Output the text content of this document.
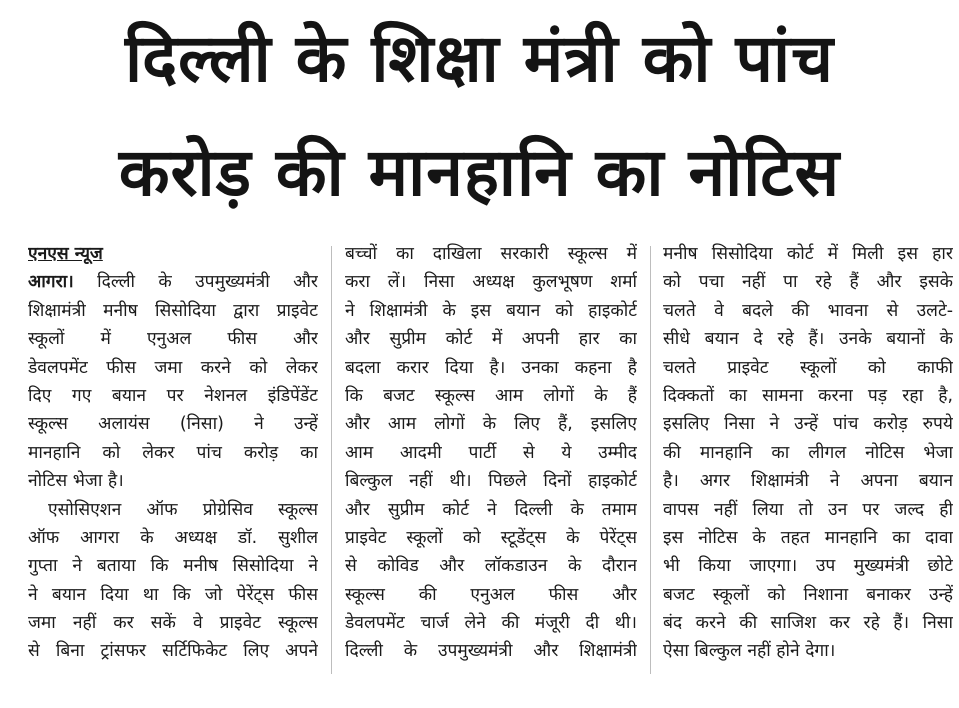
दिल्ली के शिक्षा मंत्री को पांच
करोड़ की मानहानि का नोटिस
एनएस न्यूज
आगरा। दिल्ली के उपमुख्यमंत्री और
शिक्षामंत्री मनीष सिसोदिया द्वारा प्राइवेट
स्कूलों में एनुअल फीस और
डेवलपमेंट फीस जमा करने को लेकर
दिए गए बयान पर नेशनल इंडिपेंडेंट
स्कूल्स अलायंस (निसा) ने उन्हें
मानहानि को लेकर पांच करोड़ का
नोटिस भेजा है।
एसोसिएशन ऑफ प्रोग्रेसिव स्कूल्स
ऑफ आगरा के अध्यक्ष डॉ. सुशील
गुप्ता ने बताया कि मनीष सिसोदिया ने
ने बयान दिया था कि जो पेरेंट्स फीस
जमा नहीं कर सकें वे प्राइवेट स्कूल्स
से बिना ट्रांसफर सर्टिफिकेट लिए अपने
बच्चों का दाखिला सरकारी स्कूल्स में
करा लें। निसा अध्यक्ष कुलभूषण शर्मा
ने शिक्षामंत्री के इस बयान को हाइकोर्ट
और सुप्रीम कोर्ट में अपनी हार का
बदला करार दिया है। उनका कहना है
कि बजट स्कूल्स आम लोगों के हैं
और आम लोगों के लिए हैं, इसलिए
आम आदमी पार्टी से ये उम्मीद
बिल्कुल नहीं थी। पिछले दिनों हाइकोर्ट
और सुप्रीम कोर्ट ने दिल्ली के तमाम
प्राइवेट स्कूलों को स्टूडेंट्स के पेरेंट्स
से कोविड और लॉकडाउन के दौरान
स्कूल्स की एनुअल फीस और
डेवलपमेंट चार्ज लेने की मंजूरी दी थी।
दिल्ली के उपमुख्यमंत्री और शिक्षामंत्री
मनीष सिसोदिया कोर्ट में मिली इस हार
को पचा नहीं पा रहे हैं और इसके
चलते वे बदले की भावना से उलटे-
सीधे बयान दे रहे हैं। उनके बयानों के
चलते प्राइवेट स्कूलों को काफी
दिक्कतों का सामना करना पड़ रहा है,
इसलिए निसा ने उन्हें पांच करोड़ रुपये
की मानहानि का लीगल नोटिस भेजा
है। अगर शिक्षामंत्री ने अपना बयान
वापस नहीं लिया तो उन पर जल्द ही
इस नोटिस के तहत मानहानि का दावा
भी किया जाएगा। उप मुख्यमंत्री छोटे
बजट स्कूलों को निशाना बनाकर उन्हें
बंद करने की साजिश कर रहे हैं। निसा
ऐसा बिल्कुल नहीं होने देगा।
